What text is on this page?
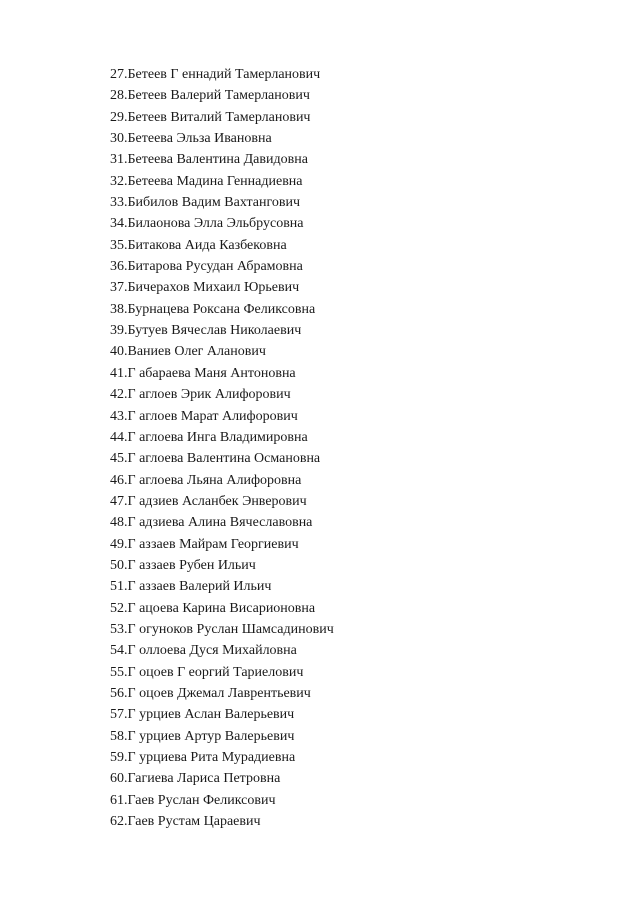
27.Бетеев Г еннадий Тамерланович
28.Бетеев Валерий Тамерланович
29.Бетеев Виталий Тамерланович
30.Бетеева Эльза Ивановна
31.Бетеева Валентина Давидовна
32.Бетеева Мадина Геннадиевна
33.Бибилов Вадим Вахтангович
34.Билаонова Элла Эльбрусовна
35.Битакова Аида Казбековна
36.Битарова Русудан Абрамовна
37.Бичерахов Михаил Юрьевич
38.Бурнацева Роксана Феликсовна
39.Бутуев Вячеслав Николаевич
40.Ваниев Олег Аланович
41.Г абараева Маня Антоновна
42.Г аглоев Эрик Алифорович
43.Г аглоев Марат Алифорович
44.Г аглоева Инга Владимировна
45.Г аглоева Валентина Османовна
46.Г аглоева Льяна Алифоровна
47.Г адзиев Асланбек Энверович
48.Г адзиева Алина Вячеславовна
49.Г аззаев Майрам Георгиевич
50.Г аззаев Рубен Ильич
51.Г аззаев Валерий Ильич
52.Г ацоева Карина Висарионовна
53.Г огуноков Руслан Шамсадинович
54.Г оллоева Дуся Михайловна
55.Г оцоев Г еоргий Тариелович
56.Г оцоев Джемал Лаврентьевич
57.Г урциев Аслан Валерьевич
58.Г урциев Артур Валерьевич
59.Г урциева Рита Мурадиевна
60.Гагиева Лариса Петровна
61.Гаев Руслан Феликсович
62.Гаев Рустам Цараевич
